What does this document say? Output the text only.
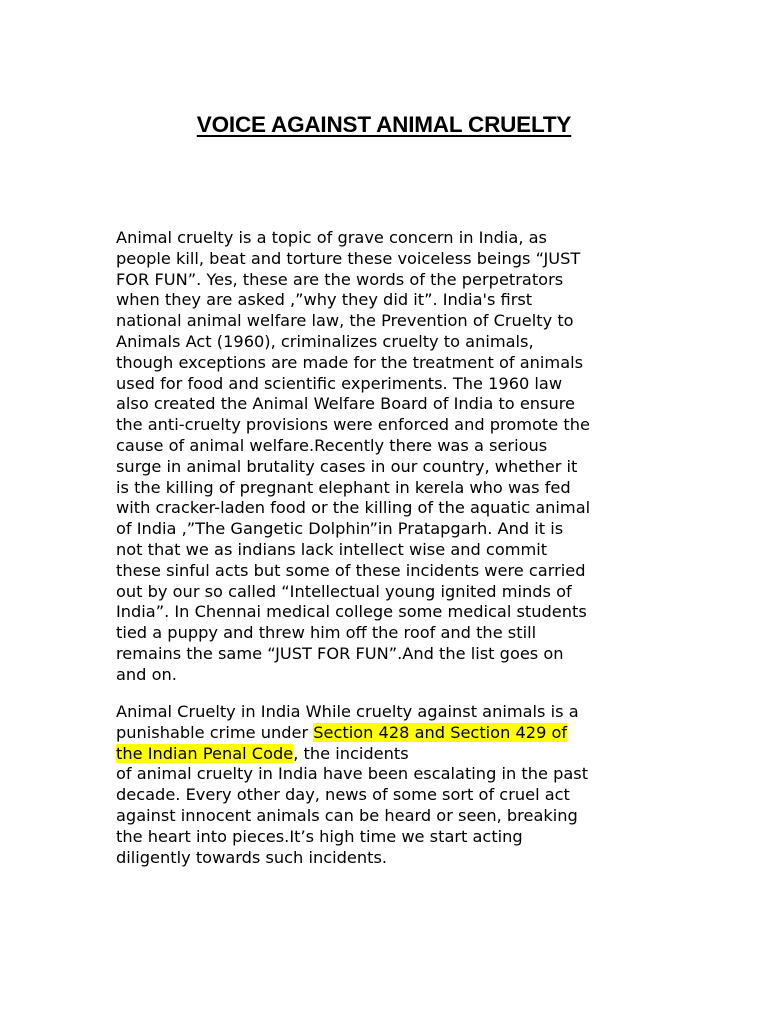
VOICE AGAINST ANIMAL CRUELTY
Animal cruelty is a topic of grave concern in India, as
people kill, beat and torture these voiceless beings “JUST
FOR FUN”. Yes, these are the words of the perpetrators
when they are asked ,”why they did it”. India's first
national animal welfare law, the Prevention of Cruelty to
Animals Act (1960), criminalizes cruelty to animals,
though exceptions are made for the treatment of animals
used for food and scientific experiments. The 1960 law
also created the Animal Welfare Board of India to ensure
the anti-cruelty provisions were enforced and promote the
cause of animal welfare.Recently there was a serious
surge in animal brutality cases in our country, whether it
is the killing of pregnant elephant in kerela who was fed
with cracker-laden food or the killing of the aquatic animal
of India ,”The Gangetic Dolphin”in Pratapgarh. And it is
not that we as indians lack intellect wise and commit
these sinful acts but some of these incidents were carried
out by our so called “Intellectual young ignited minds of
India”. In Chennai medical college some medical students
tied a puppy and threw him off the roof and the still
remains the same “JUST FOR FUN”.And the list goes on
and on.
Animal Cruelty in India While cruelty against animals is a
punishable crime under Section 428 and Section 429 of
the Indian Penal Code, the incidents
of animal cruelty in India have been escalating in the past
decade. Every other day, news of some sort of cruel act
against innocent animals can be heard or seen, breaking
the heart into pieces.It’s high time we start acting
diligently towards such incidents.
